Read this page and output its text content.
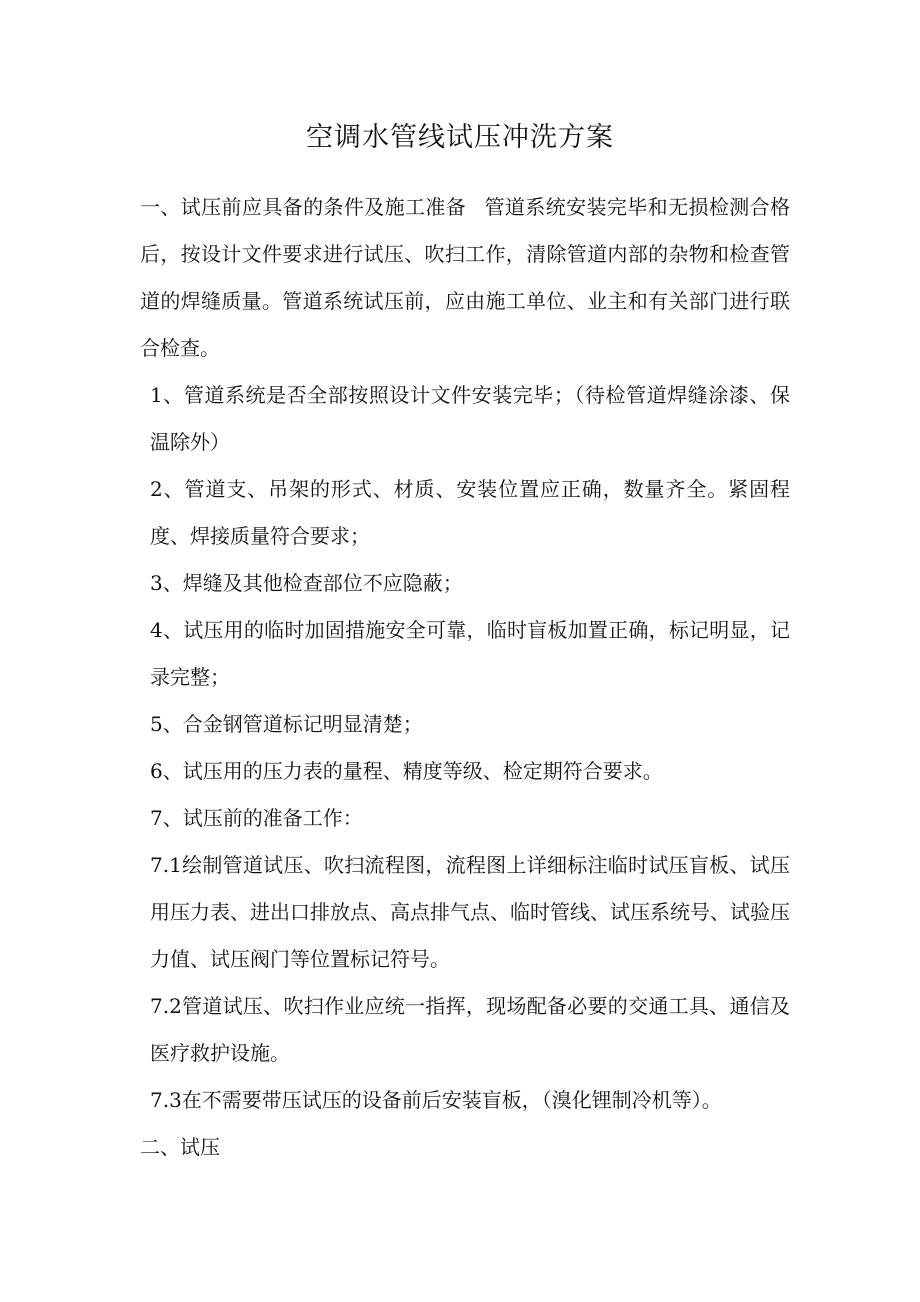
空调水管线试压冲洗方案

一、试压前应具备的条件及施工准备 管道系统安装完毕和无损检测合格后，按设计文件要求进行试压、吹扫工作，清除管道内部的杂物和检查管道的焊缝质量。管道系统试压前，应由施工单位、业主和有关部门进行联合检查。

1、管道系统是否全部按照设计文件安装完毕；（待检管道焊缝涂漆、保温除外）

2、管道支、吊架的形式、材质、安装位置应正确，数量齐全。紧固程度、焊接质量符合要求；

3、焊缝及其他检查部位不应隐蔽；

4、试压用的临时加固措施安全可靠，临时盲板加置正确，标记明显，记录完整；

5、合金钢管道标记明显清楚；

6、试压用的压力表的量程、精度等级、检定期符合要求。

7、试压前的准备工作：

7.1绘制管道试压、吹扫流程图，流程图上详细标注临时试压盲板、试压用压力表、进出口排放点、高点排气点、临时管线、试压系统号、试验压力值、试压阀门等位置标记符号。

7.2管道试压、吹扫作业应统一指挥，现场配备必要的交通工具、通信及医疗救护设施。

7.3在不需要带压试压的设备前后安装盲板，（溴化锂制冷机等）。

二、试压
